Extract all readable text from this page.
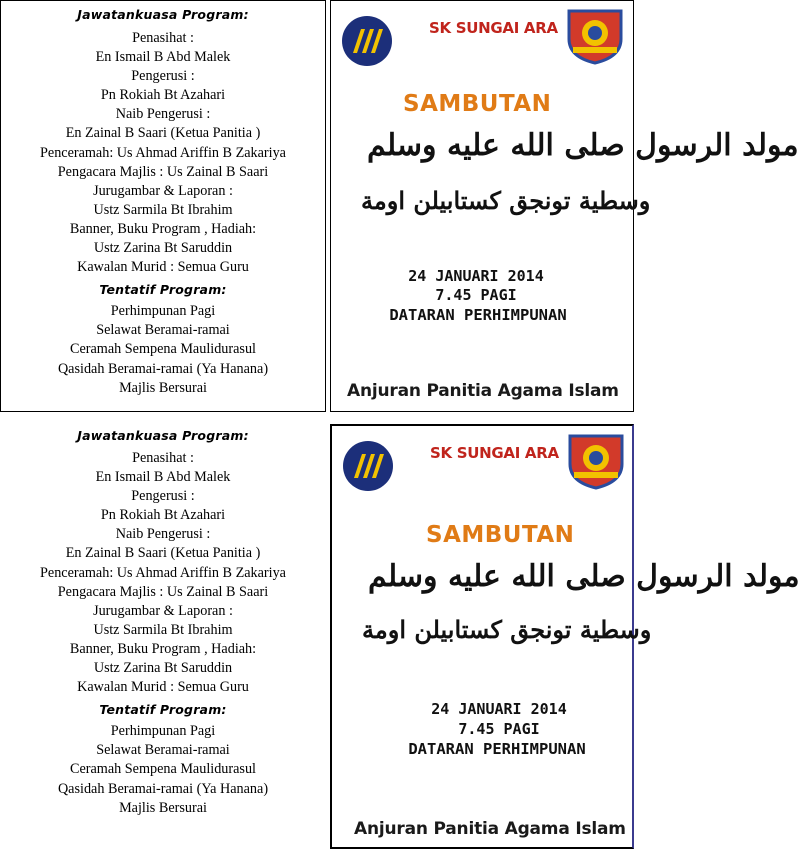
Jawatankuasa Program:
Penasihat :
En Ismail B Abd Malek
Pengerusi :
Pn Rokiah Bt Azahari
Naib Pengerusi :
En Zainal B Saari (Ketua Panitia )
Penceramah: Us Ahmad Ariffin B Zakariya
Pengacara Majlis : Us Zainal B Saari
Jurugambar & Laporan :
Ustz Sarmila Bt Ibrahim
Banner, Buku Program , Hadiah:
Ustz Zarina Bt Saruddin
Kawalan Murid : Semua Guru
Tentatif Program:
Perhimpunan Pagi
Selawat Beramai-ramai
Ceramah Sempena Maulidurasul
Qasidah Beramai-ramai (Ya Hanana)
Majlis Bersurai
SK SUNGAI ARA
SAMBUTAN
مولد الرسول صلى الله عليه وسلم
وسطية تونجق كستابيلن اومة
24 JANUARI 2014
7.45 PAGI
DATARAN PERHIMPUNAN
Anjuran Panitia Agama Islam
Jawatankuasa Program:
Penasihat :
En Ismail B Abd Malek
Pengerusi :
Pn Rokiah Bt Azahari
Naib Pengerusi :
En Zainal B Saari (Ketua Panitia )
Penceramah: Us Ahmad Ariffin B Zakariya
Pengacara Majlis : Us Zainal B Saari
Jurugambar & Laporan :
Ustz Sarmila Bt Ibrahim
Banner, Buku Program , Hadiah:
Ustz Zarina Bt Saruddin
Kawalan Murid : Semua Guru
Tentatif Program:
Perhimpunan Pagi
Selawat Beramai-ramai
Ceramah Sempena Maulidurasul
Qasidah Beramai-ramai (Ya Hanana)
Majlis Bersurai
SK SUNGAI ARA
SAMBUTAN
مولد الرسول صلى الله عليه وسلم
وسطية تونجق كستابيلن اومة
24 JANUARI 2014
7.45 PAGI
DATARAN PERHIMPUNAN
Anjuran Panitia Agama Islam
